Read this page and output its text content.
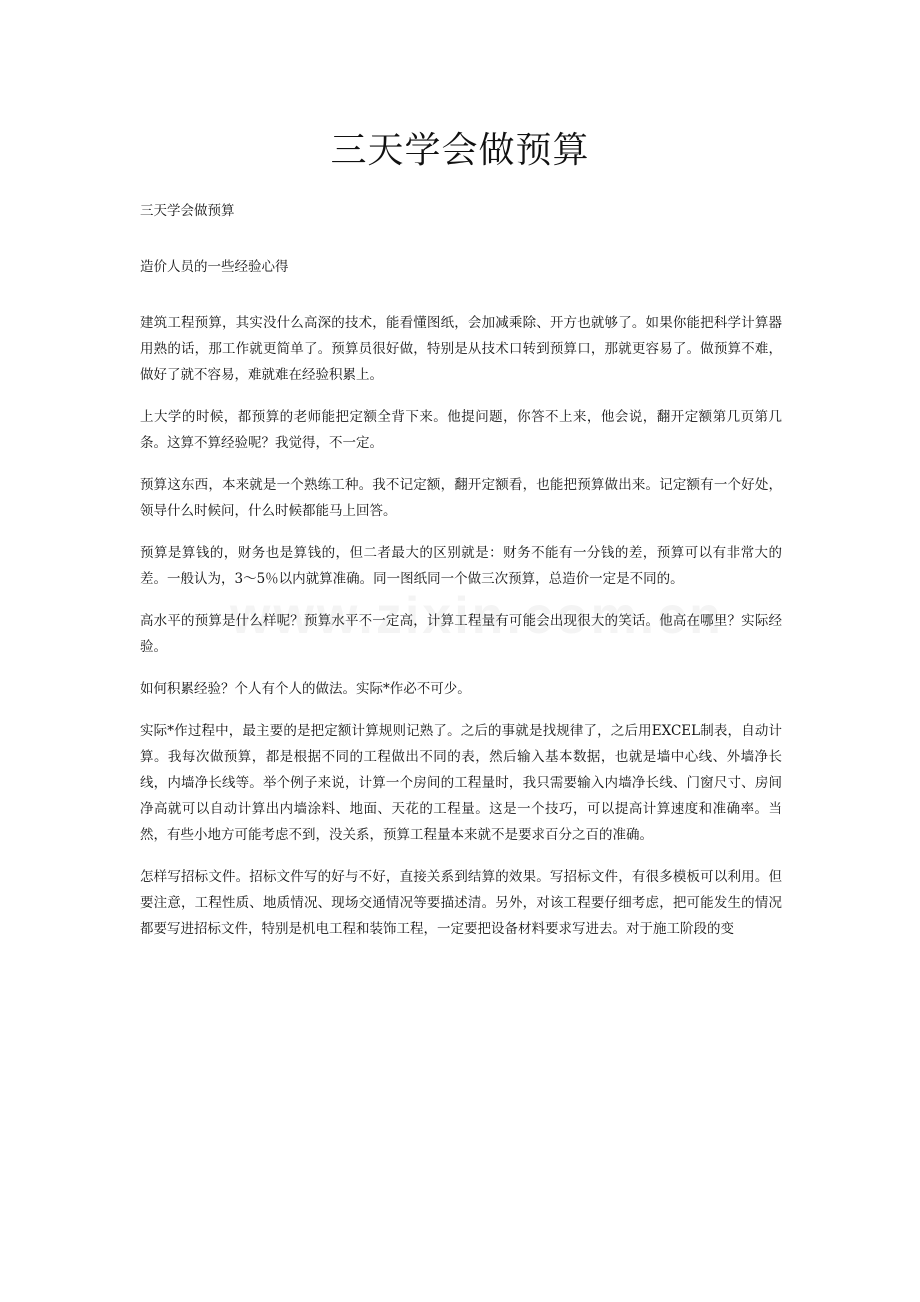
三天学会做预算

三天学会做预算

造价人员的一些经验心得

建筑工程预算，其实没什么高深的技术，能看懂图纸，会加减乘除、开方也就够了。如果你能把科学计算器用熟的话，那工作就更简单了。预算员很好做，特别是从技术口转到预算口，那就更容易了。做预算不难，做好了就不容易，难就难在经验积累上。

上大学的时候，都预算的老师能把定额全背下来。他提问题，你答不上来，他会说，翻开定额第几页第几条。这算不算经验呢？我觉得，不一定。

预算这东西，本来就是一个熟练工种。我不记定额，翻开定额看，也能把预算做出来。记定额有一个好处，领导什么时候问，什么时候都能马上回答。

预算是算钱的，财务也是算钱的，但二者最大的区别就是：财务不能有一分钱的差，预算可以有非常大的差。一般认为，3～5％以内就算准确。同一图纸同一个做三次预算，总造价一定是不同的。

高水平的预算是什么样呢？预算水平不一定高，计算工程量有可能会出现很大的笑话。他高在哪里？实际经验。

如何积累经验？个人有个人的做法。实际*作必不可少。

实际*作过程中，最主要的是把定额计算规则记熟了。之后的事就是找规律了，之后用EXCEL制表，自动计算。我每次做预算，都是根据不同的工程做出不同的表，然后输入基本数据，也就是墙中心线、外墙净长线，内墙净长线等。举个例子来说，计算一个房间的工程量时，我只需要输入内墙净长线、门窗尺寸、房间净高就可以自动计算出内墙涂料、地面、天花的工程量。这是一个技巧，可以提高计算速度和准确率。当然，有些小地方可能考虑不到，没关系，预算工程量本来就不是要求百分之百的准确。

怎样写招标文件。招标文件写的好与不好，直接关系到结算的效果。写招标文件，有很多模板可以利用。但要注意，工程性质、地质情况、现场交通情况等要描述清。另外，对该工程要仔细考虑，把可能发生的情况都要写进招标文件，特别是机电工程和装饰工程，一定要把设备材料要求写进去。对于施工阶段的变
